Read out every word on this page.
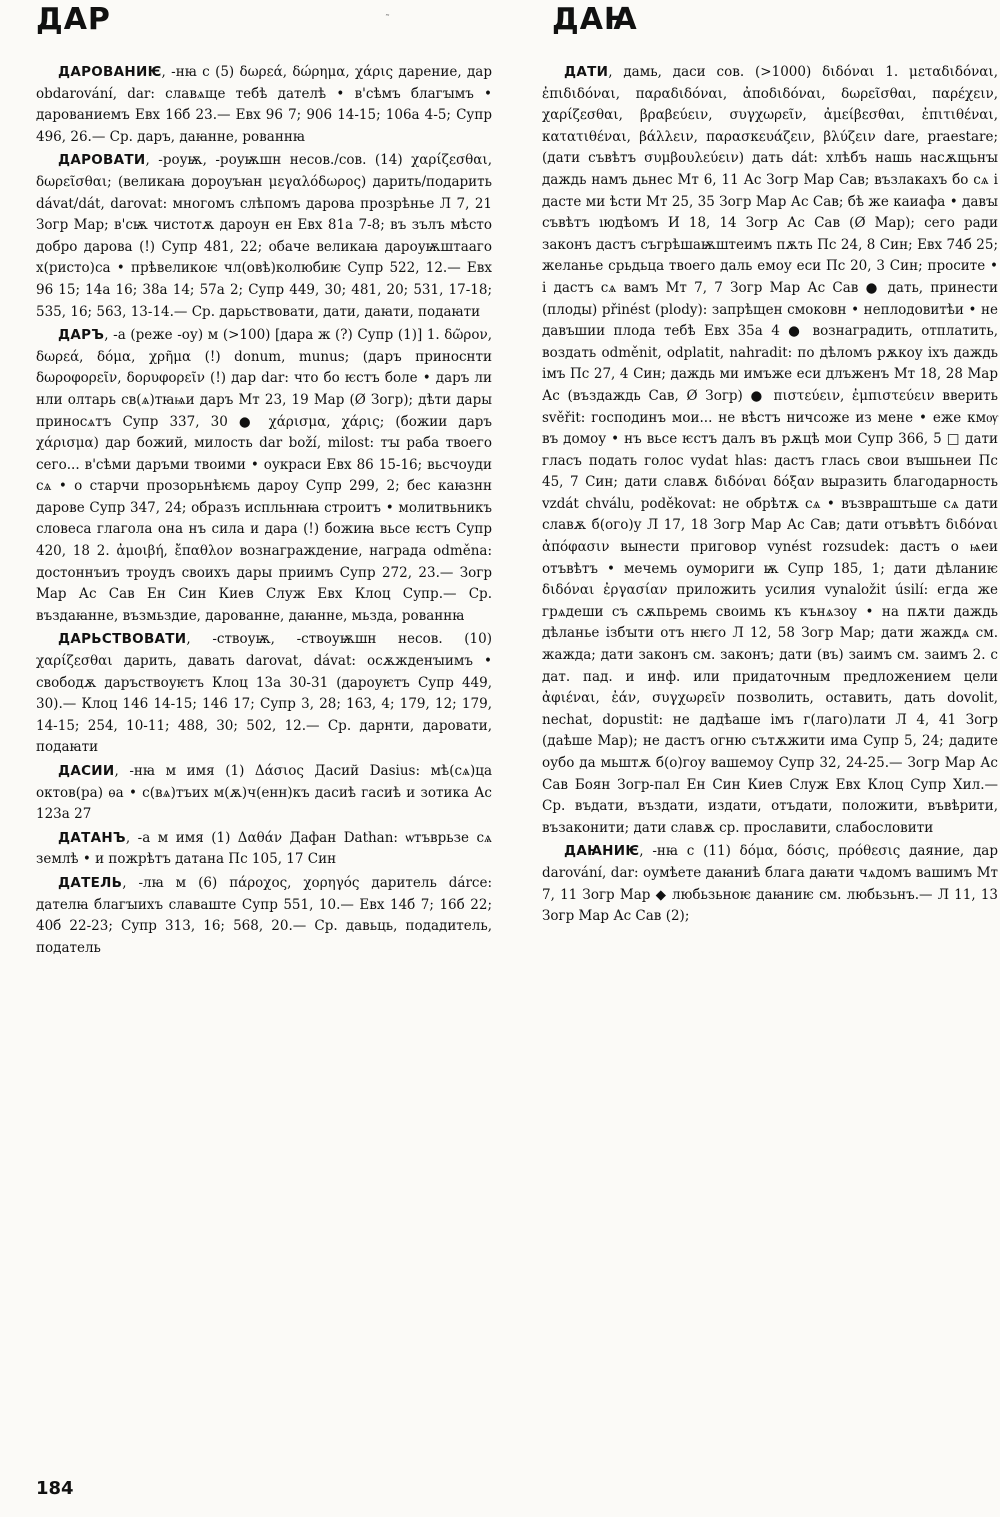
ДАР	˜	ДАꙖ

ДАРОВАНИѤ, -нꙗ с (5) δωρεά, δώρημα, χάρις дарение, дар obdarování, dar: славѧще тебѣ дателѣ • в'сѣмъ благꙑмъ • дарованиемъ Евх 16б 23.— Евх 96 7; 906 14-15; 106а 4-5; Супр 496, 26.— Ср. даръ, даꙗнне, рованнꙗ

ДАРОВАТИ, -роуѭ, -роуѭшн несов./сов. (14) χαρίζεσθαι, δωρεῖσθαι; (великаꙗ дороуъꙗн μεγαλόδωρος) дарить/подарить dávat/dát, darovat: многомъ слѣпомъ дарова прозрѣнье Л 7, 21 Зогр Мар; в'сѭ чистотѫ дароун ен Евх 81а 7-8; въ зълъ мѣсто добро дарова (!) Супр 481, 22; обаче великаꙗ дароуѭштааго х(ристо)са • прѣвеликоѥ чл(овѣ)колюбиѥ Супр 522, 12.— Евх 96 15; 14а 16; 38а 14; 57а 2; Супр 449, 30; 481, 20; 531, 17-18; 535, 16; 563, 13-14.— Ср. дарьствовати, дати, даꙗти, подаꙗти

ДАРЪ, -а (реже -оу) м (>100) [дара ж (?) Супр (1)] 1. δῶρον, δωρεά, δόμα, χρῆμα (!) donum, munus; (даръ приноснти δωροφορεῖν, δορυφορεῖν (!) дар dar: что бо ѥстъ боле • даръ ли нли олтарь св(ѧ)тꙗѩи даръ Мт 23, 19 Мар (Ø Зогр); дѣти дары приносѧтъ Супр 337, 30 ● χάρισμα, χάρις; (божии даръ χάρισμα) дар божий, милость dar boží, milost: тꙑ раба твоего сего... в'сѣми даръми твоими • оукраси Евх 86 15-16; вьсчоуди сѧ • о старчи прозорьнѣѥмь дароу Супр 299, 2; бес каꙗзнн дарове Супр 347, 24; образъ испльнꙗꙗ строитъ • молитвьникъ словеса глагола она нъ сила и дара (!) божиꙗ вьсе ѥстъ Супр 420, 18 2. ἀμοιβή, ἔπαθλον вознаграждение, награда odměna: достоннъиъ троудъ своихъ дары приимъ Супр 272, 23.— Зогр Мар Ас Сав Ен Син Киев Служ Евх Клоц Супр.— Ср. въздаꙗнне, възмьздие, дарованне, даꙗнне, мьзда, рованнꙗ

ДАРЬСТВОВАТИ, -ствоуѭ, -ствоуѭшн несов. (10) χαρίζεσθαι дарить, давать darovat, dávat: осѫжденꙑимъ • свободѫ даръствоуѥтъ Клоц 13а 30-31 (дароуѥтъ Супр 449, 30).— Клоц 146 14-15; 146 17; Супр 3, 28; 163, 4; 179, 12; 179, 14-15; 254, 10-11; 488, 30; 502, 12.— Ср. дарнти, даровати, подаꙗти

ДАСИИ, -нꙗ м имя (1) Δάσιος Дасий Dasius: мѣ(сѧ)ца октов(ра) ѳа • с(вѧ)тъих м(ѫ)ч(енн)къ дасиѣ гасиѣ и зотика Ас 123а 27

ДАТАНЪ, -а м имя (1) Δαθάν Дафан Dathan: ѡтъврьзе сѧ землѣ • и пожрѣтъ датана Пс 105, 17 Син

ДАТЕЛЬ, -лꙗ м (6) πάροχος, χορηγός даритель dárce: дателꙗ благꙑихъ славаште Супр 551, 10.— Евх 14б 7; 16б 22; 40б 22-23; Супр 313, 16; 568, 20.— Ср. давьць, подадитель, податель

ДАТИ, дамь, даси сов. (>1000) διδόναι 1. μεταδιδόναι, ἐπιδιδόναι, παραδιδόναι, ἀποδιδόναι, δωρεῖσθαι, παρέχειν, χαρίζεσθαι, βραβεύειν, συγχωρεῖν, ἀμείβεσθαι, ἐπιτιθέναι, κατατιθέναι, βάλλειν, παρασκευάζειν, βλύζειν dare, praestare; (дати съвѣтъ συμβουλεύειν) дать dát: хлѣбъ нашь насѫщьнꙑ даждь намъ дьнес Мт 6, 11 Ас Зогр Мар Сав; възлакахъ бо сѧ і дасте ми ѣсти Мт 25, 35 Зогр Мар Ас Сав; бѣ же каиафа • давꙑ съвѣтъ ıюдѣомъ И 18, 14 Зогр Ас Сав (Ø Мар); сего ради законъ дастъ съгрѣшаѭштеимъ пѫть Пс 24, 8 Син; Евх 74б 25; желанье срьдьца твоего даль емоу еси Пс 20, 3 Син; просите • і дастъ сѧ вамъ Мт 7, 7 Зогр Мар Ас Сав ● дать, принести (плоды) přinést (plody): запрѣщен смоковн • неплодовитѣи • не давъшии плода тебѣ Евх 35а 4 ● вознаградить, отплатить, воздать odměnit, odplatit, nahradit: по дѣломъ рѫкоу іхъ даждь імъ Пс 27, 4 Син; даждь ми имъже еси длъженъ Мт 18, 28 Мар Ас (въздаждь Сав, Ø Зогр) ● πιστεύειν, ἐμπιστεύειν вверить svěřit: господинъ мои... не вѣстъ ничсоже из мене • еже кмѹ въ домоу • нъ вьсе ѥстъ далъ въ рѫцѣ мои Супр 366, 5 □ дати гласъ подать голос vydat hlas: дастъ глась свои вꙑшьнеи Пс 45, 7 Син; дати славѫ διδόναι δόξαν выразить благодарность vzdát chválu, poděkovat: не обрѣтѫ сѧ • възвраштьше сѧ дати славѫ б(ого)у Л 17, 18 Зогр Мар Ас Сав; дати отъвѣтъ διδόναι ἀπόφασιν вынести приговор vynést rozsudek: дастъ о ѩеи отъвѣтъ • мечемь оумориги ѭ Супр 185, 1; дати дѣланиѥ διδόναι ἐργασίαν приложить усилия vynaložit úsilí: егда же грѧдеши съ сѫпьремь своимь къ кънѧзоу • на пѫти даждь дѣланье ізбꙑти отъ нѥго Л 12, 58 Зогр Мар; дати жаждѧ см. жажда; дати законъ см. законъ; дати (въ) заимъ см. заимъ 2. с дат. пад. и инф. или придаточным предложением цели ἀφιέναι, ἐάν, συγχωρεῖν позволить, оставить, дать dovolit, nechat, dopustit: не дадѣаше імъ г(лаго)лати Л 4, 41 Зогр (даѣше Мар); не дастъ огню сътѫжити има Супр 5, 24; дадите оубо да мьштѫ б(о)гоу вашемоу Супр 32, 24-25.— Зогр Мар Ас Сав Боян Зогр-пал Ен Син Киев Служ Евх Клоц Супр Хил.— Ср. въдати, въздати, издати, отъдати, положити, въвѣрити, възаконити; дати славѫ ср. прославити, слабословити

ДАꙖНИѤ, -нꙗ с (11) δόμα, δόσις, πρόθεσις даяние, дар darování, dar: оумѣете даꙗниѣ блага даꙗти чѧдомъ вашимъ Мт 7, 11 Зогр Мар ◆ любьзьноѥ даꙗниѥ см. любьзьнъ.— Л 11, 13 Зогр Мар Ас Сав (2);

184
